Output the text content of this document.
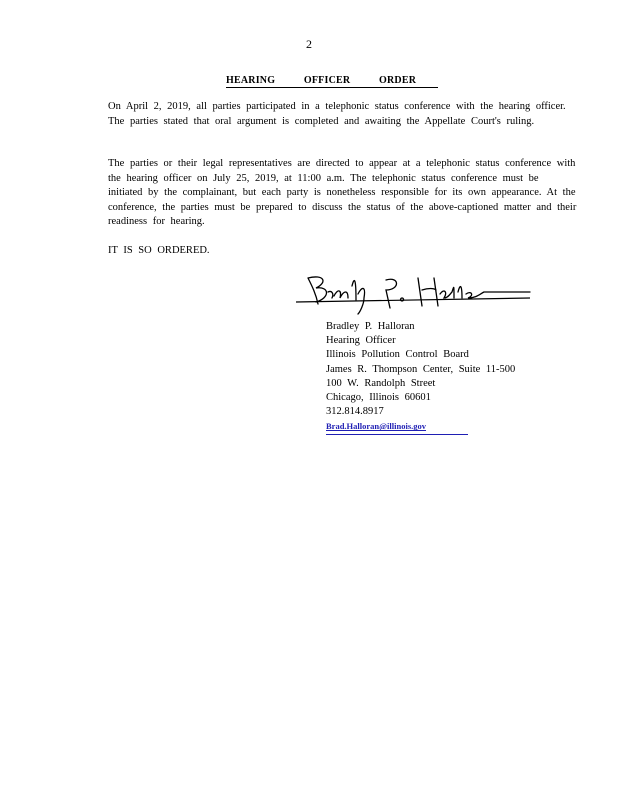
2
HEARING	OFFICER	ORDER
On April 2, 2019, all parties participated in a telephonic status conference with the hearing officer. The parties stated that oral argument is completed and awaiting the Appellate Court's ruling.
The parties or their legal representatives are directed to appear at a telephonic status conference with the hearing officer on July 25, 2019, at 11:00 a.m. The telephonic status conference must be initiated by the complainant, but each party is nonetheless responsible for its own appearance. At the conference, the parties must be prepared to discuss the status of the above-captioned matter and their readiness for hearing.
IT IS SO ORDERED.
Bradley P. Halloran
Hearing Officer
Illinois Pollution Control Board
James R. Thompson Center, Suite 11-500
100 W. Randolph Street
Chicago, Illinois 60601
312.814.8917
Brad.Halloran@illinois.gov
